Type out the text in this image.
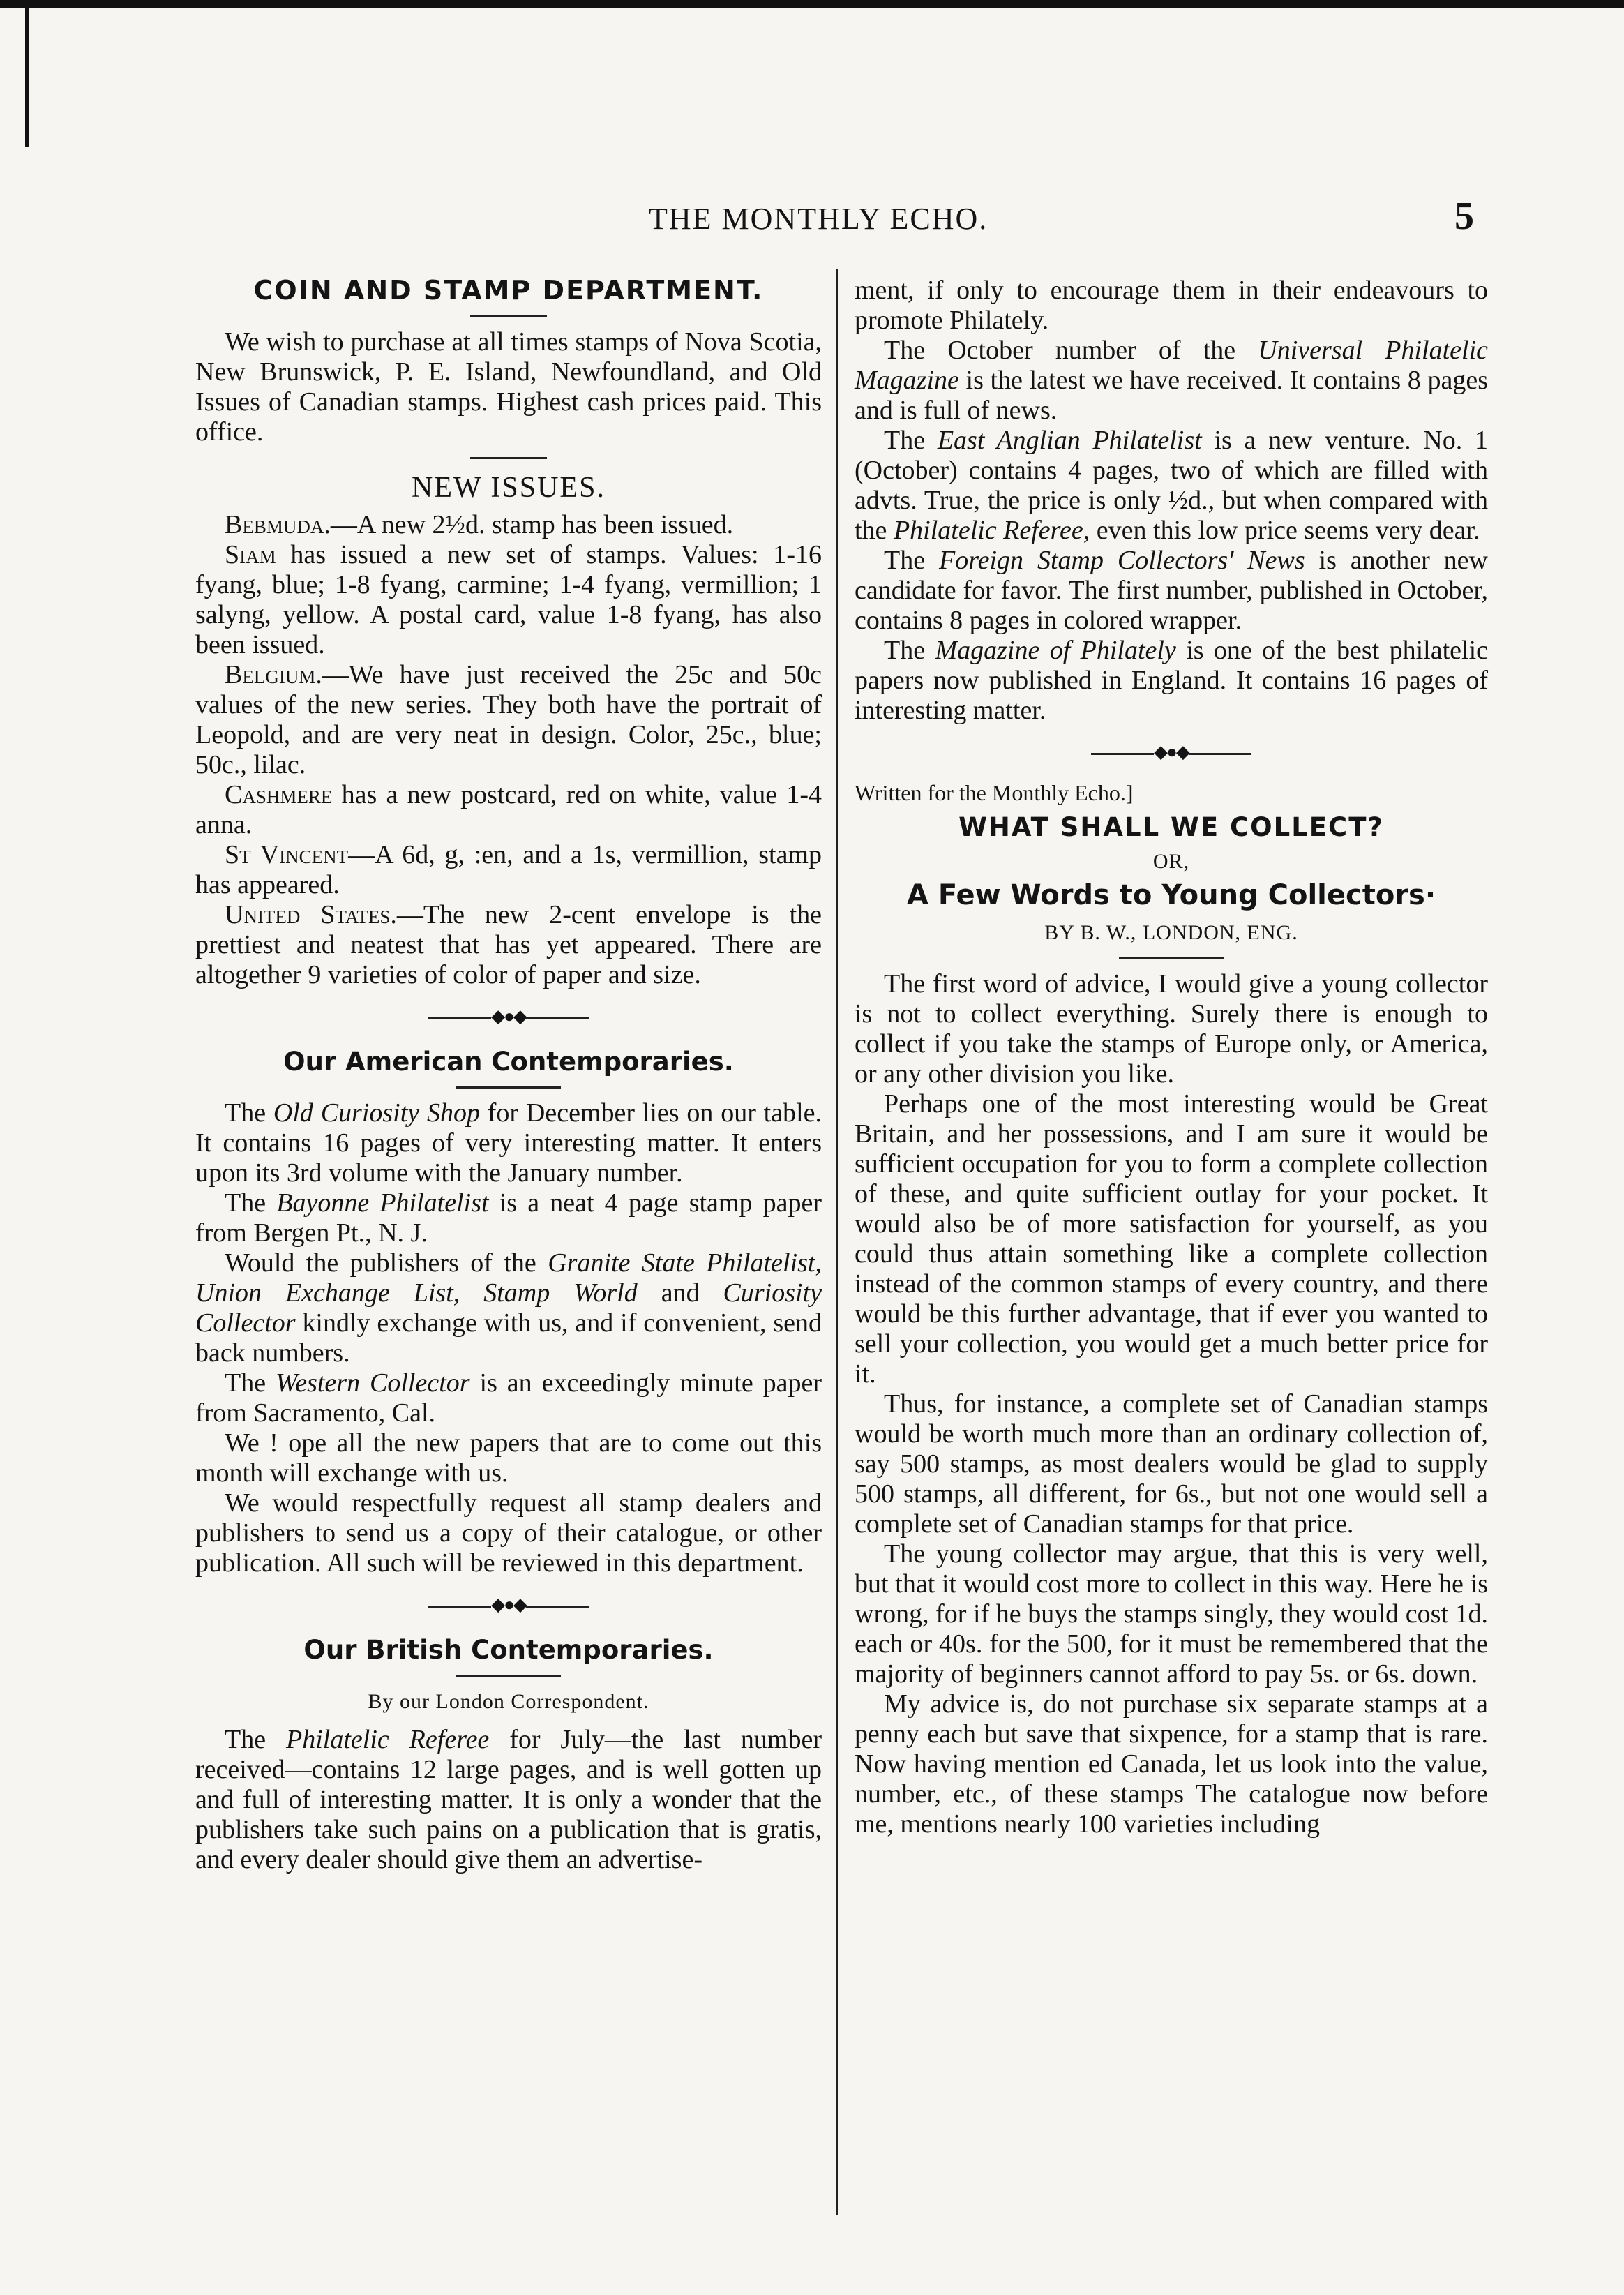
THE MONTHLY ECHO.	5
COIN AND STAMP DEPARTMENT.

We wish to purchase at all times stamps of Nova Scotia, New Brunswick, P. E. Island, Newfoundland, and Old Issues of Canadian stamps. Highest cash prices paid. This office.

NEW ISSUES.

Bebmuda.—A new 2½d. stamp has been issued.

Siam has issued a new set of stamps. Values: 1-16 fyang, blue; 1-8 fyang, carmine; 1-4 fyang, vermillion; 1 salyng, yellow. A postal card, value 1-8 fyang, has also been issued.

Belgium.—We have just received the 25c and 50c values of the new series. They both have the portrait of Leopold, and are very neat in design. Color, 25c., blue; 50c., lilac.

Cashmere has a new postcard, red on white, value 1-4 anna.

St Vincent—A 6d, g, :en, and a 1s, vermillion, stamp has appeared.

United States.—The new 2-cent envelope is the prettiest and neatest that has yet appeared. There are altogether 9 varieties of color of paper and size.

◆●◆
Our American Contemporaries.

The Old Curiosity Shop for December lies on our table. It contains 16 pages of very interesting matter. It enters upon its 3rd volume with the January number.

The Bayonne Philatelist is a neat 4 page stamp paper from Bergen Pt., N. J.

Would the publishers of the Granite State Philatelist, Union Exchange List, Stamp World and Curiosity Collector kindly exchange with us, and if convenient, send back numbers.

The Western Collector is an exceedingly minute paper from Sacramento, Cal.

We ! ope all the new papers that are to come out this month will exchange with us.

We would respectfully request all stamp dealers and publishers to send us a copy of their catalogue, or other publication. All such will be reviewed in this department.

◆●◆
Our British Contemporaries.
By our London Correspondent.

The Philatelic Referee for July—the last number received—contains 12 large pages, and is well gotten up and full of interesting matter. It is only a wonder that the publishers take such pains on a publication that is gratis, and every dealer should give them an advertise-

ment, if only to encourage them in their endeavours to promote Philately.

The October number of the Universal Philatelic Magazine is the latest we have received. It contains 8 pages and is full of news.

The East Anglian Philatelist is a new venture. No. 1 (October) contains 4 pages, two of which are filled with advts. True, the price is only ½d., but when compared with the Philatelic Referee, even this low price seems very dear.

The Foreign Stamp Collectors' News is another new candidate for favor. The first number, published in October, contains 8 pages in colored wrapper.

The Magazine of Philately is one of the best philatelic papers now published in England. It contains 16 pages of interesting matter.

◆●◆
Written for the Monthly Echo.]
WHAT SHALL WE COLLECT?
OR,
A Few Words to Young Collectors·
BY B. W., LONDON, ENG.

The first word of advice, I would give a young collector is not to collect everything. Surely there is enough to collect if you take the stamps of Europe only, or America, or any other division you like.

Perhaps one of the most interesting would be Great Britain, and her possessions, and I am sure it would be sufficient occupation for you to form a complete collection of these, and quite sufficient outlay for your pocket. It would also be of more satisfaction for yourself, as you could thus attain something like a complete collection instead of the common stamps of every country, and there would be this further advantage, that if ever you wanted to sell your collection, you would get a much better price for it.

Thus, for instance, a complete set of Canadian stamps would be worth much more than an ordinary collection of, say 500 stamps, as most dealers would be glad to supply 500 stamps, all different, for 6s., but not one would sell a complete set of Canadian stamps for that price.

The young collector may argue, that this is very well, but that it would cost more to collect in this way. Here he is wrong, for if he buys the stamps singly, they would cost 1d. each or 40s. for the 500, for it must be remembered that the majority of beginners cannot afford to pay 5s. or 6s. down.

My advice is, do not purchase six separate stamps at a penny each but save that sixpence, for a stamp that is rare. Now having mention ed Canada, let us look into the value, number, etc., of these stamps The catalogue now before me, mentions nearly 100 varieties including
